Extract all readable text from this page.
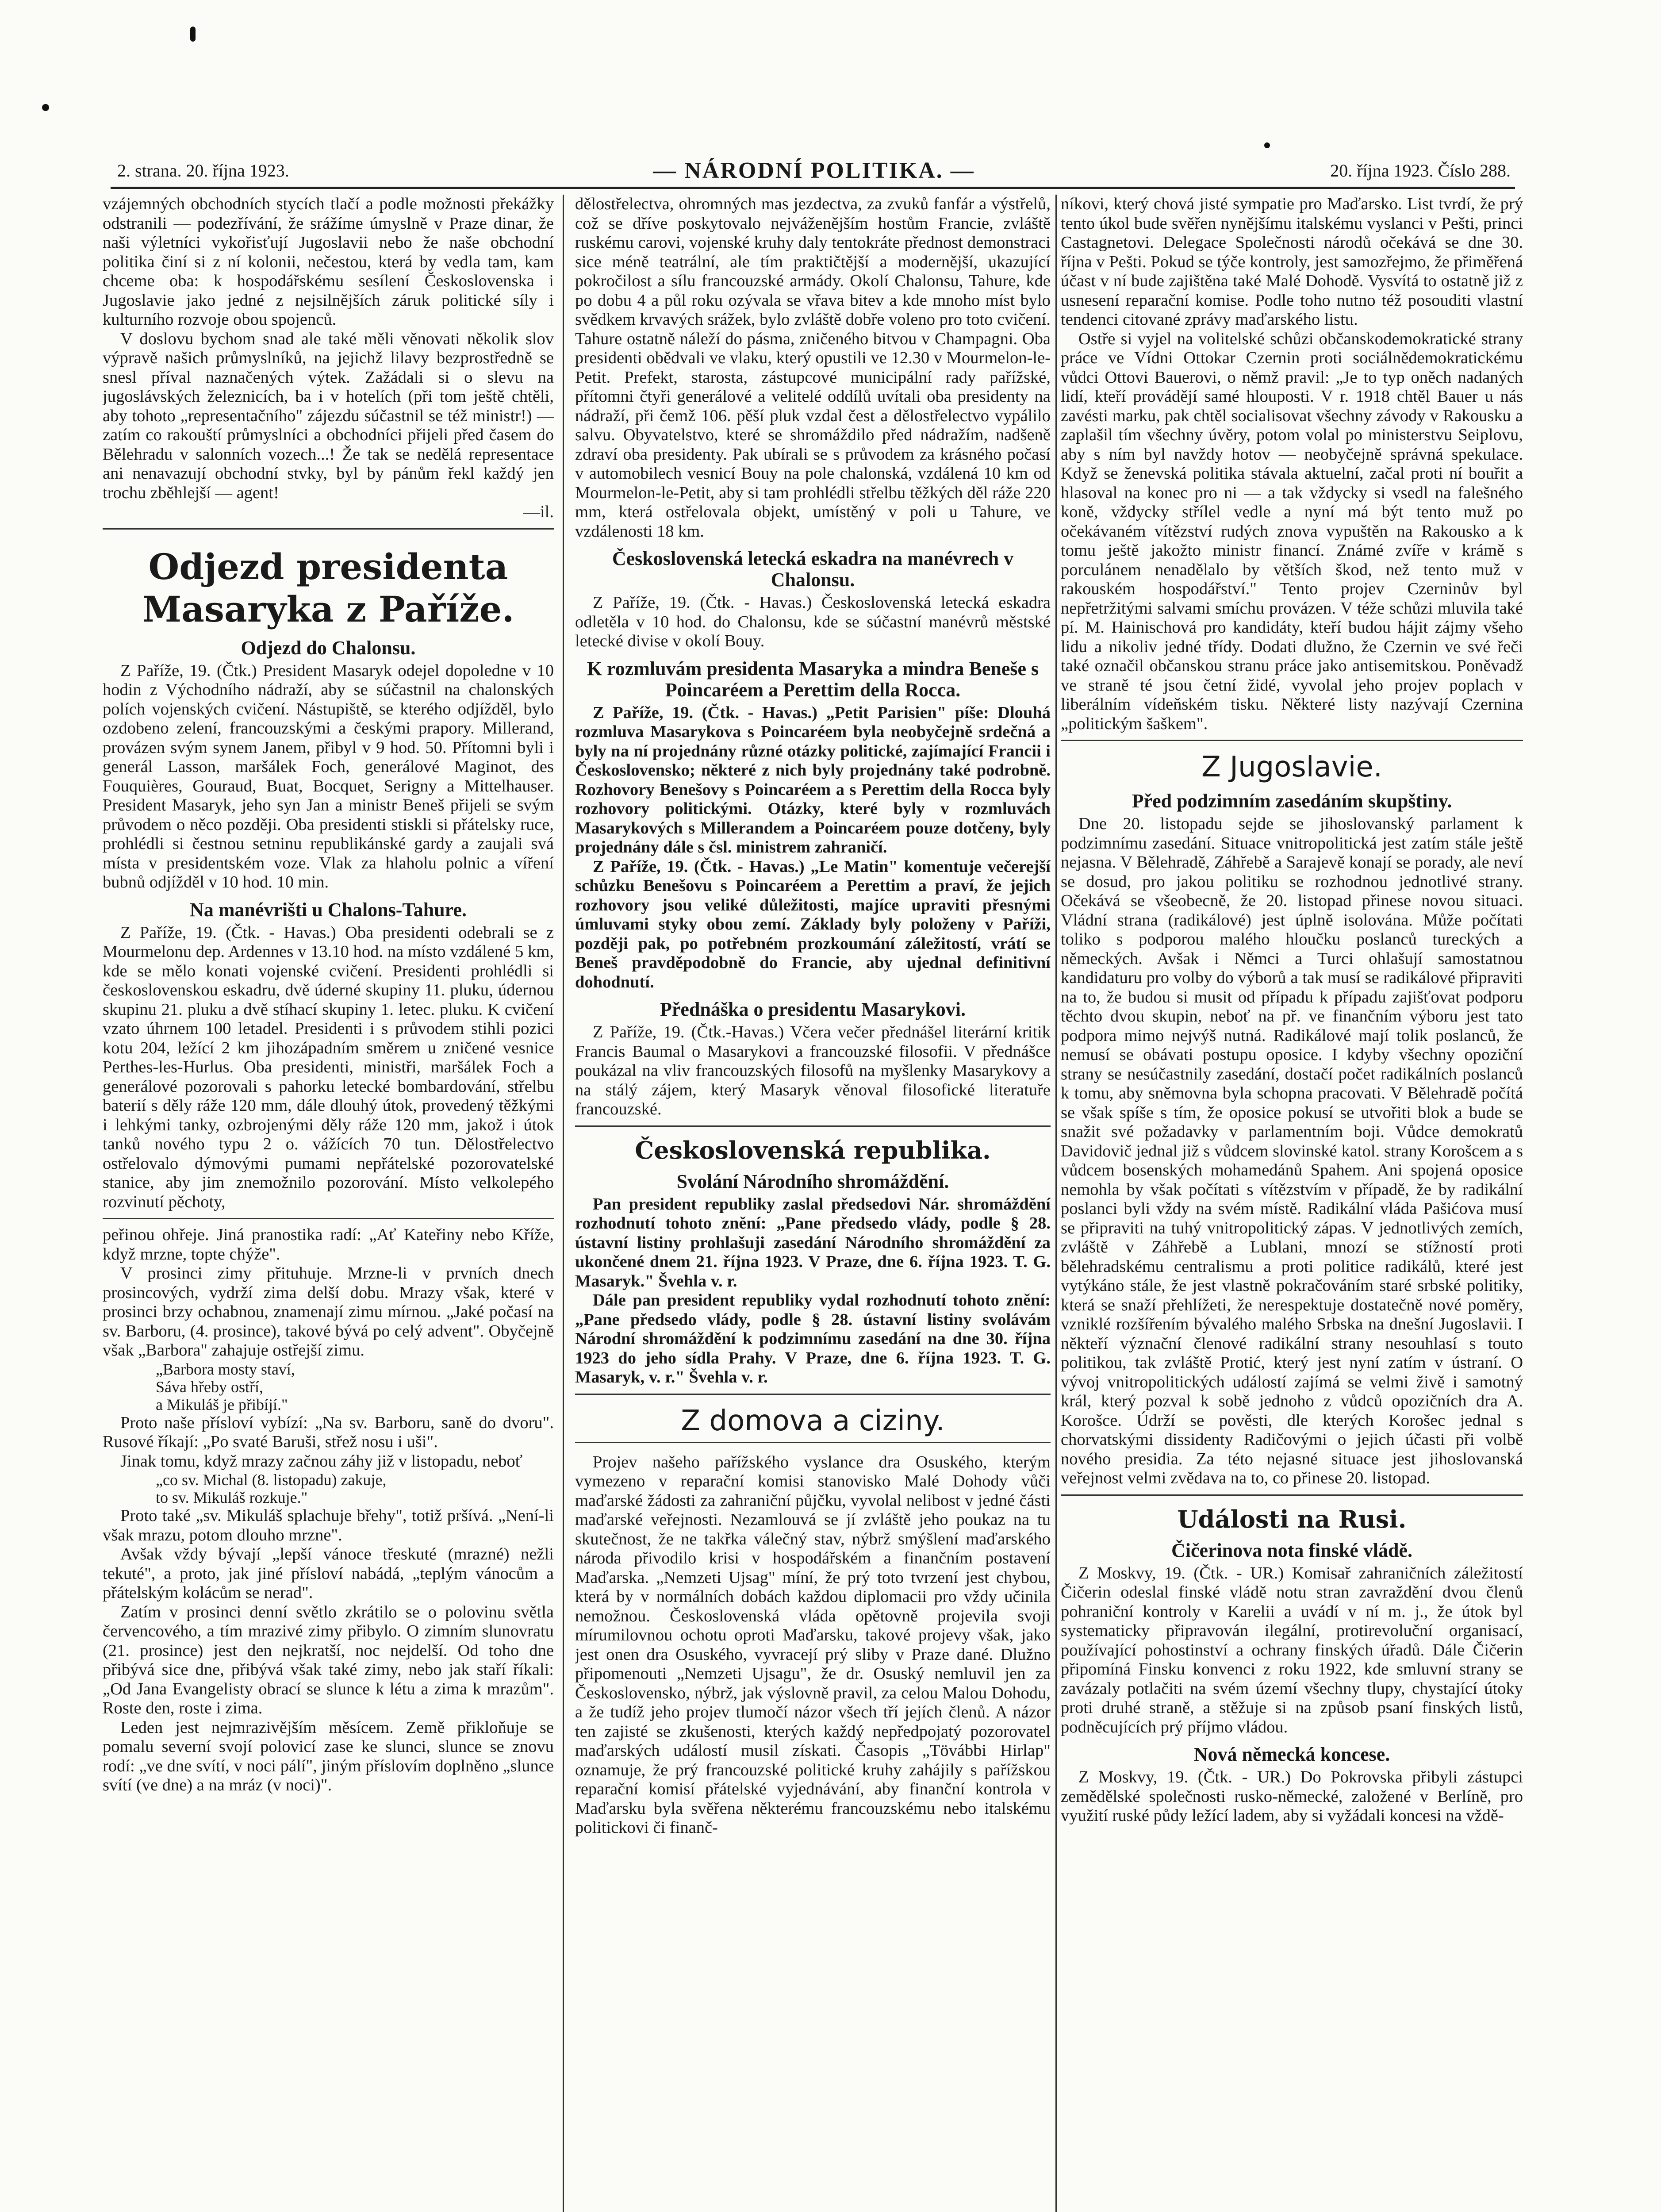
2. strana. 20. října 1923.	— NÁRODNÍ POLITIKA. —	20. října 1923. Číslo 288.

vzájemných obchodních stycích tlačí a podle možnosti překážky odstranili — podezřívání, že srážíme úmyslně v Praze dinar, že naši výletníci vykořisťují Jugoslavii nebo že naše obchodní politika činí si z ní kolonii, nečestou, která by vedla tam, kam chceme oba: k hospodářskému sesílení Československa i Jugoslavie jako jedné z nejsilnějších záruk politické síly i kulturního rozvoje obou spojenců.

V doslovu bychom snad ale také měli věnovati několik slov výpravě našich průmyslníků, na jejichž lilavy bezprostředně se snesl příval naznačených výtek. Zažádali si o slevu na jugoslávských železnicích, ba i v hotelích (při tom ještě chtěli, aby tohoto „representačního" zájezdu súčastnil se též ministr!) — zatím co rakouští průmyslníci a obchodníci přijeli před časem do Bělehradu v salonních vozech...! Že tak se nedělá representace ani nenavazují obchodní stvky, byl by pánům řekl každý jen trochu zběhlejší — agent!

—il.

Odjezd presidenta
Masaryka z Paříže.
Odjezd do Chalonsu.

Z Paříže, 19. (Čtk.) President Masaryk odejel dopoledne v 10 hodin z Východního nádraží, aby se súčastnil na chalonských polích vojenských cvičení. Nástupiště, se kterého odjížděl, bylo ozdobeno zelení, francouzskými a českými prapory. Millerand, provázen svým synem Janem, přibyl v 9 hod. 50. Přítomni byli i generál Lasson, maršálek Foch, generálové Maginot, des Fouquières, Gouraud, Buat, Bocquet, Serigny a Mittelhauser. President Masaryk, jeho syn Jan a ministr Beneš přijeli se svým průvodem o něco později. Oba presidenti stiskli si přátelsky ruce, prohlédli si čestnou setninu republikánské gardy a zaujali svá místa v presidentském voze. Vlak za hlaholu polnic a víření bubnů odjížděl v 10 hod. 10 min.

Na manévrišti u Chalons-Tahure.

Z Paříže, 19. (Čtk. - Havas.) Oba presidenti odebrali se z Mourmelonu dep. Ardennes v 13.10 hod. na místo vzdálené 5 km, kde se mělo konati vojenské cvičení. Presidenti prohlédli si československou eskadru, dvě úderné skupiny 11. pluku, údernou skupinu 21. pluku a dvě stíhací skupiny 1. letec. pluku. K cvičení vzato úhrnem 100 letadel. Presidenti i s průvodem stihli pozici kotu 204, ležící 2 km jihozápadním směrem u zničené vesnice Perthes-les-Hurlus. Oba presidenti, ministři, maršálek Foch a generálové pozorovali s pahorku letecké bombardování, střelbu baterií s děly ráže 120 mm, dále dlouhý útok, provedený těžkými i lehkými tanky, ozbrojenými děly ráže 120 mm, jakož i útok tanků nového typu 2 o. vážících 70 tun. Dělostřelectvo ostřelovalo dýmovými pumami nepřátelské pozorovatelské stanice, aby jim znemožnilo pozorování. Místo velkolepého rozvinutí pěchoty,

peřinou ohřeje. Jiná pranostika radí: „Ať Kateřiny nebo Kříže, když mrzne, topte chýže".

V prosinci zimy přituhuje. Mrzne-li v prvních dnech prosincových, vydrží zima delší dobu. Mrazy však, které v prosinci brzy ochabnou, znamenají zimu mírnou. „Jaké počasí na sv. Barboru, (4. prosince), takové bývá po celý advent". Obyčejně však „Barbora" zahajuje ostřejší zimu.

„Barbora mosty staví,

Sáva hřeby ostří,

a Mikuláš je přibíjí."

Proto naše přísloví vybízí: „Na sv. Barboru, saně do dvoru". Rusové říkají: „Po svaté Baruši, střež nosu i uši".

Jinak tomu, když mrazy začnou záhy již v listopadu, neboť

„co sv. Michal (8. listopadu) zakuje,

to sv. Mikuláš rozkuje."

Proto také „sv. Mikuláš splachuje břehy", totiž pršívá. „Není-li však mrazu, potom dlouho mrzne".

Avšak vždy bývají „lepší vánoce třeskuté (mrazné) nežli tekuté", a proto, jak jiné přísloví nabádá, „teplým vánocům a přátelským kolácům se nerad".

Zatím v prosinci denní světlo zkrátilo se o polovinu světla červencového, a tím mrazivé zimy přibylo. O zimním slunovratu (21. prosince) jest den nejkratší, noc nejdelší. Od toho dne přibývá sice dne, přibývá však také zimy, nebo jak staří říkali: „Od Jana Evangelisty obrací se slunce k létu a zima k mrazům". Roste den, roste i zima.

Leden jest nejmrazivějším měsícem. Země přikloňuje se pomalu severní svojí polovicí zase ke slunci, slunce se znovu rodí: „ve dne svítí, v noci pálí", jiným příslovím doplněno „slunce svítí (ve dne) a na mráz (v noci)".

dělostřelectva, ohromných mas jezdectva, za zvuků fanfár a výstřelů, což se dříve poskytovalo nejváženějším hostům Francie, zvláště ruskému carovi, vojenské kruhy daly tentokráte přednost demonstraci sice méně teatrální, ale tím praktičtější a modernější, ukazující pokročilost a sílu francouzské armády. Okolí Chalonsu, Tahure, kde po dobu 4 a půl roku ozývala se vřava bitev a kde mnoho míst bylo svědkem krvavých srážek, bylo zvláště dobře voleno pro toto cvičení. Tahure ostatně náleží do pásma, zničeného bitvou v Champagni. Oba presidenti obědvali ve vlaku, který opustili ve 12.30 v Mourmelon-le-Petit. Prefekt, starosta, zástupcové municipální rady pařížské, přítomni čtyři generálové a velitelé oddílů uvítali oba presidenty na nádraží, při čemž 106. pěší pluk vzdal čest a dělostřelectvo vypálilo salvu. Obyvatelstvo, které se shromáždilo před nádražím, nadšeně zdraví oba presidenty. Pak ubírali se s průvodem za krásného počasí v automobilech vesnicí Bouy na pole chalonská, vzdálená 10 km od Mourmelon-le-Petit, aby si tam prohlédli střelbu těžkých děl ráže 220 mm, která ostřelovala objekt, umístěný v poli u Tahure, ve vzdálenosti 18 km.

Československá letecká eskadra na manévrech v Chalonsu.

Z Paříže, 19. (Čtk. - Havas.) Československá letecká eskadra odletěla v 10 hod. do Chalonsu, kde se súčastní manévrů městské letecké divise v okolí Bouy.

K rozmluvám presidenta Masaryka a mindra Beneše s Poincaréem a Perettim della Rocca.

Z Paříže, 19. (Čtk. - Havas.) „Petit Parisien" píše: Dlouhá rozmluva Masarykova s Poincaréem byla neobyčejně srdečná a byly na ní projednány různé otázky politické, zajímající Francii i Československo; některé z nich byly projednány také podrobně. Rozhovory Benešovy s Poincaréem a s Perettim della Rocca byly rozhovory politickými. Otázky, které byly v rozmluvách Masarykových s Millerandem a Poincaréem pouze dotčeny, byly projednány dále s čsl. ministrem zahraničí.

Z Paříže, 19. (Čtk. - Havas.) „Le Matin" komentuje večerejší schůzku Benešovu s Poincaréem a Perettim a praví, že jejich rozhovory jsou veliké důležitosti, majíce upraviti přesnými úmluvami styky obou zemí. Základy byly položeny v Paříži, později pak, po potřebném prozkoumání záležitostí, vrátí se Beneš pravděpodobně do Francie, aby ujednal definitivní dohodnutí.

Přednáška o presidentu Masarykovi.

Z Paříže, 19. (Čtk.-Havas.) Včera večer přednášel literární kritik Francis Baumal o Masarykovi a francouzské filosofii. V přednášce poukázal na vliv francouzských filosofů na myšlenky Masarykovy a na stálý zájem, který Masaryk věnoval filosofické literatuře francouzské.

Československá republika.
Svolání Národního shromáždění.

Pan president republiky zaslal předsedovi Nár. shromáždění rozhodnutí tohoto znění: „Pane předsedo vlády, podle § 28. ústavní listiny prohlašuji zasedání Národního shromáždění za ukončené dnem 21. října 1923. V Praze, dne 6. října 1923. T. G. Masaryk." Švehla v. r.

Dále pan president republiky vydal rozhodnutí tohoto znění: „Pane předsedo vlády, podle § 28. ústavní listiny svolávám Národní shromáždění k podzimnímu zasedání na dne 30. října 1923 do jeho sídla Prahy. V Praze, dne 6. října 1923. T. G. Masaryk, v. r." Švehla v. r.

Z domova a ciziny.

Projev našeho pařížského vyslance dra Osuského, kterým vymezeno v reparační komisi stanovisko Malé Dohody vůči maďarské žádosti za zahraniční půjčku, vyvolal nelibost v jedné části maďarské veřejnosti. Nezamlouvá se jí zvláště jeho poukaz na tu skutečnost, že ne takřka válečný stav, nýbrž smýšlení maďarského národa přivodilo krisi v hospodářském a finančním postavení Maďarska. „Nemzeti Ujsag" míní, že prý toto tvrzení jest chybou, která by v normálních dobách každou diplomacii pro vždy učinila nemožnou. Československá vláda opětovně projevila svoji mírumilovnou ochotu oproti Maďarsku, takové projevy však, jako jest onen dra Osuského, vyvracejí prý sliby v Praze dané. Dlužno připomenouti „Nemzeti Ujsagu", že dr. Osuský nemluvil jen za Československo, nýbrž, jak výslovně pravil, za celou Malou Dohodu, a že tudíž jeho projev tlumočí názor všech tří jejích členů. A názor ten zajisté se zkušenosti, kterých každý nepředpojatý pozorovatel maďarských událostí musil získati. Časopis „Tövábbi Hirlap" oznamuje, že prý francouzské politické kruhy zahájily s pařížskou reparační komisí přátelské vyjednávání, aby finanční kontrola v Maďarsku byla svěřena některému francouzskému nebo italskému politickovi či finanč-

níkovi, který chová jisté sympatie pro Maďarsko. List tvrdí, že prý tento úkol bude svěřen nynějšímu italskému vyslanci v Pešti, princi Castagnetovi. Delegace Společnosti národů očekává se dne 30. října v Pešti. Pokud se týče kontroly, jest samozřejmo, že přiměřená účast v ní bude zajištěna také Malé Dohodě. Vysvítá to ostatně již z usnesení reparační komise. Podle toho nutno též posouditi vlastní tendenci citované zprávy maďarského listu.

Ostře si vyjel na volitelské schůzi občanskodemokratické strany práce ve Vídni Ottokar Czernin proti sociálnědemokratickému vůdci Ottovi Bauerovi, o němž pravil: „Je to typ oněch nadaných lidí, kteří provádějí samé hlouposti. V r. 1918 chtěl Bauer u nás zavésti marku, pak chtěl socialisovat všechny závody v Rakousku a zaplašil tím všechny úvěry, potom volal po ministerstvu Seiplovu, aby s ním byl navždy hotov — neobyčejně správná spekulace. Když se ženevská politika stávala aktuelní, začal proti ní bouřit a hlasoval na konec pro ni — a tak vždycky si vsedl na falešného koně, vždycky střílel vedle a nyní má být tento muž po očekávaném vítězství rudých znova vypuštěn na Rakousko a k tomu ještě jakožto ministr financí. Známé zvíře v krámě s porculánem nenadělalo by větších škod, než tento muž v rakouském hospodářství." Tento projev Czerninův byl nepřetržitými salvami smíchu provázen. V téže schůzi mluvila také pí. M. Hainischová pro kandidáty, kteří budou hájit zájmy všeho lidu a nikoliv jedné třídy. Dodati dlužno, že Czernin ve své řeči také označil občanskou stranu práce jako antisemitskou. Poněvadž ve straně té jsou četní židé, vyvolal jeho projev poplach v liberálním vídeňském tisku. Některé listy nazývají Czernina „politickým šaškem".

Z Jugoslavie.
Před podzimním zasedáním skupštiny.

Dne 20. listopadu sejde se jihoslovanský parlament k podzimnímu zasedání. Situace vnitropolitická jest zatím stále ještě nejasna. V Bělehradě, Záhřebě a Sarajevě konají se porady, ale neví se dosud, pro jakou politiku se rozhodnou jednotlivé strany. Očekává se všeobecně, že 20. listopad přinese novou situaci. Vládní strana (radikálové) jest úplně isolována. Může počítati toliko s podporou malého hloučku poslanců tureckých a německých. Avšak i Němci a Turci ohlašují samostatnou kandidaturu pro volby do výborů a tak musí se radikálové připraviti na to, že budou si musit od případu k případu zajišťovat podporu těchto dvou skupin, neboť na př. ve finančním výboru jest tato podpora mimo nejvýš nutná. Radikálové mají tolik poslanců, že nemusí se obávati postupu oposice. I kdyby všechny opoziční strany se nesúčastnily zasedání, dostačí počet radikálních poslanců k tomu, aby sněmovna byla schopna pracovati. V Bělehradě počítá se však spíše s tím, že oposice pokusí se utvořiti blok a bude se snažit své požadavky v parlamentním boji. Vůdce demokratů Davidovič jednal již s vůdcem slovinské katol. strany Korošcem a s vůdcem bosenských mohamedánů Spahem. Ani spojená oposice nemohla by však počítati s vítězstvím v případě, že by radikální poslanci byli vždy na svém místě. Radikální vláda Pašićova musí se připraviti na tuhý vnitropolitický zápas. V jednotlivých zemích, zvláště v Záhřebě a Lublani, mnozí se stížností proti bělehradskému centralismu a proti politice radikálů, které jest vytýkáno stále, že jest vlastně pokračováním staré srbské politiky, která se snaží přehlížeti, že nerespektuje dostatečně nové poměry, vzniklé rozšířením bývalého malého Srbska na dnešní Jugoslavii. I někteří význační členové radikální strany nesouhlasí s touto politikou, tak zvláště Protić, který jest nyní zatím v ústraní. O vývoj vnitropolitických událostí zajímá se velmi živě i samotný král, který pozval k sobě jednoho z vůdců opozičních dra A. Korošce. Údrží se pověsti, dle kterých Korošec jednal s chorvatskými dissidenty Radičovými o jejich účasti při volbě nového presidia. Za této nejasné situace jest jihoslovanská veřejnost velmi zvědava na to, co přinese 20. listopad.

Události na Rusi.
Čičerinova nota finské vládě.

Z Moskvy, 19. (Čtk. - UR.) Komisař zahraničních záležitostí Čičerin odeslal finské vládě notu stran zavraždění dvou členů pohraniční kontroly v Karelii a uvádí v ní m. j., že útok byl systematicky připravován ilegální, protirevoluční organisací, používající pohostinství a ochrany finských úřadů. Dále Čičerin připomíná Finsku konvenci z roku 1922, kde smluvní strany se zavázaly potlačiti na svém území všechny tlupy, chystající útoky proti druhé straně, a stěžuje si na způsob psaní finských listů, podněcujících prý příjmo vládou.

Nová německá koncese.

Z Moskvy, 19. (Čtk. - UR.) Do Pokrovska přibyli zástupci zemědělské společnosti rusko-německé, založené v Berlíně, pro využití ruské půdy ležící ladem, aby si vyžádali koncesi na vždě-
